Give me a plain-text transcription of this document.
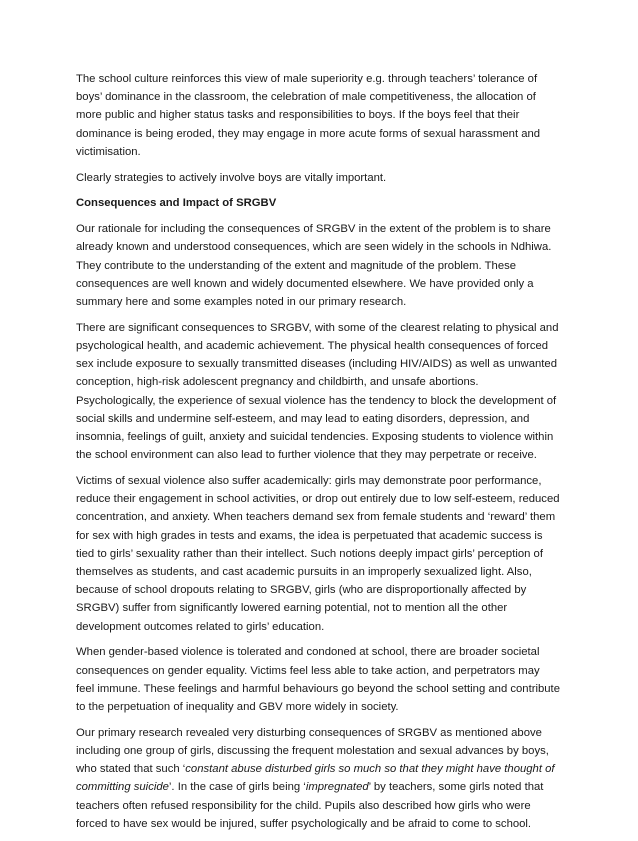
The school culture reinforces this view of male superiority e.g. through teachers’ tolerance of boys’ dominance in the classroom, the celebration of male competitiveness, the allocation of more public and higher status tasks and responsibilities to boys. If the boys feel that their dominance is being eroded, they may engage in more acute forms of sexual harassment and victimisation.

Clearly strategies to actively involve boys are vitally important.

Consequences and Impact of SRGBV

Our rationale for including the consequences of SRGBV in the extent of the problem is to share already known and understood consequences, which are seen widely in the schools in Ndhiwa. They contribute to the understanding of the extent and magnitude of the problem. These consequences are well known and widely documented elsewhere. We have provided only a summary here and some examples noted in our primary research.

There are significant consequences to SRGBV, with some of the clearest relating to physical and psychological health, and academic achievement. The physical health consequences of forced sex include exposure to sexually transmitted diseases (including HIV/AIDS) as well as unwanted conception, high-risk adolescent pregnancy and childbirth, and unsafe abortions. Psychologically, the experience of sexual violence has the tendency to block the development of social skills and undermine self-esteem, and may lead to eating disorders, depression, and insomnia, feelings of guilt, anxiety and suicidal tendencies. Exposing students to violence within the school environment can also lead to further violence that they may perpetrate or receive.

Victims of sexual violence also suffer academically: girls may demonstrate poor performance, reduce their engagement in school activities, or drop out entirely due to low self-esteem, reduced concentration, and anxiety. When teachers demand sex from female students and ‘reward’ them for sex with high grades in tests and exams, the idea is perpetuated that academic success is tied to girls’ sexuality rather than their intellect. Such notions deeply impact girls’ perception of themselves as students, and cast academic pursuits in an improperly sexualized light. Also, because of school dropouts relating to SRGBV, girls (who are disproportionally affected by SRGBV) suffer from significantly lowered earning potential, not to mention all the other development outcomes related to girls’ education.

When gender-based violence is tolerated and condoned at school, there are broader societal consequences on gender equality. Victims feel less able to take action, and perpetrators may feel immune. These feelings and harmful behaviours go beyond the school setting and contribute to the perpetuation of inequality and GBV more widely in society.

Our primary research revealed very disturbing consequences of SRGBV as mentioned above including one group of girls, discussing the frequent molestation and sexual advances by boys, who stated that such ‘constant abuse disturbed girls so much so that they might have thought of committing suicide’. In the case of girls being ‘impregnated’ by teachers, some girls noted that teachers often refused responsibility for the child. Pupils also described how girls who were forced to have sex would be injured, suffer psychologically and be afraid to come to school.
